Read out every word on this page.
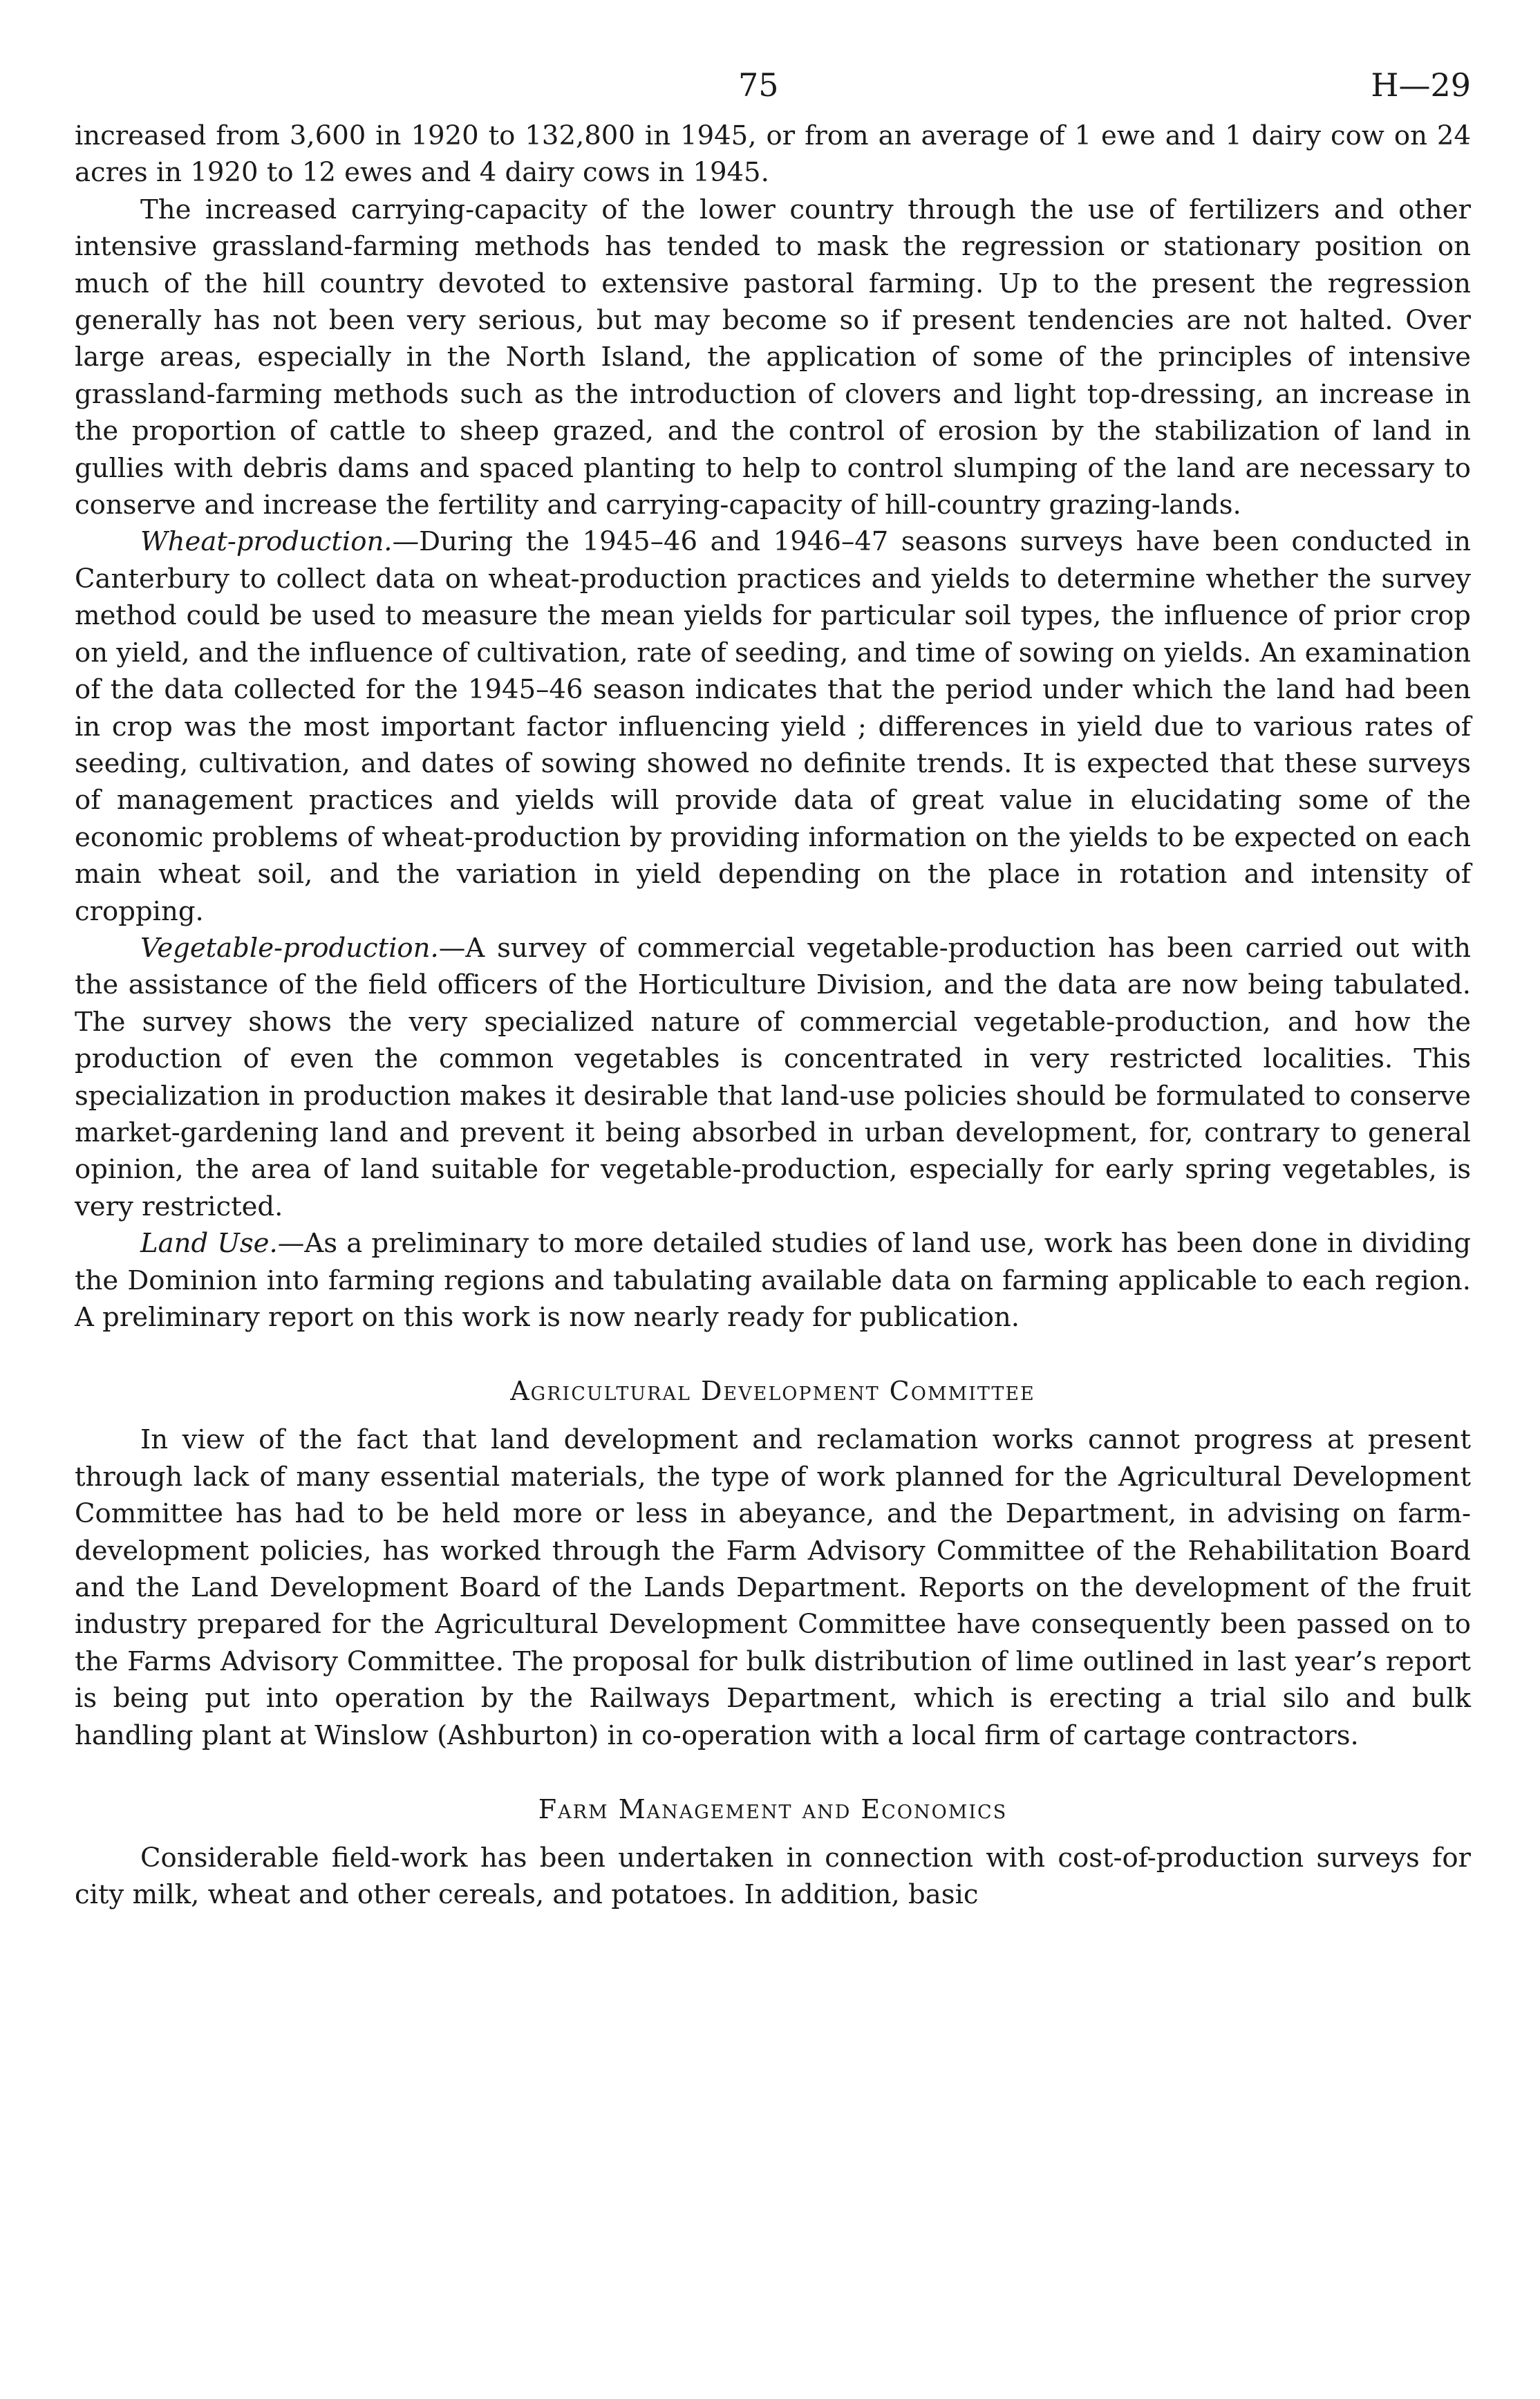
75	H—29

increased from 3,600 in 1920 to 132,800 in 1945, or from an average of 1 ewe and 1 dairy cow on 24 acres in 1920 to 12 ewes and 4 dairy cows in 1945.

The increased carrying-capacity of the lower country through the use of fertilizers and other intensive grassland-farming methods has tended to mask the regression or stationary position on much of the hill country devoted to extensive pastoral farming. Up to the present the regression generally has not been very serious, but may become so if present tendencies are not halted. Over large areas, especially in the North Island, the application of some of the principles of intensive grassland-farming methods such as the introduction of clovers and light top-dressing, an increase in the proportion of cattle to sheep grazed, and the control of erosion by the stabilization of land in gullies with debris dams and spaced planting to help to control slumping of the land are necessary to conserve and increase the fertility and carrying-capacity of hill-country grazing-lands.

Wheat-production.—During the 1945–46 and 1946–47 seasons surveys have been conducted in Canterbury to collect data on wheat-production practices and yields to determine whether the survey method could be used to measure the mean yields for particular soil types, the influence of prior crop on yield, and the influence of cultivation, rate of seeding, and time of sowing on yields. An examination of the data collected for the 1945–46 season indicates that the period under which the land had been in crop was the most important factor influencing yield ; differences in yield due to various rates of seeding, cultivation, and dates of sowing showed no definite trends. It is expected that these surveys of management practices and yields will provide data of great value in elucidating some of the economic problems of wheat-production by providing information on the yields to be expected on each main wheat soil, and the variation in yield depending on the place in rotation and intensity of cropping.

Vegetable-production.—A survey of commercial vegetable-production has been carried out with the assistance of the field officers of the Horticulture Division, and the data are now being tabulated. The survey shows the very specialized nature of commercial vegetable-production, and how the production of even the common vegetables is concentrated in very restricted localities. This specialization in production makes it desirable that land-use policies should be formulated to conserve market-gardening land and prevent it being absorbed in urban development, for, contrary to general opinion, the area of land suitable for vegetable-production, especially for early spring vegetables, is very restricted.

Land Use.—As a preliminary to more detailed studies of land use, work has been done in dividing the Dominion into farming regions and tabulating available data on farming applicable to each region. A preliminary report on this work is now nearly ready for publication.

Agricultural Development Committee

In view of the fact that land development and reclamation works cannot progress at present through lack of many essential materials, the type of work planned for the Agricultural Development Committee has had to be held more or less in abeyance, and the Department, in advising on farm-development policies, has worked through the Farm Advisory Committee of the Rehabilitation Board and the Land Development Board of the Lands Department. Reports on the development of the fruit industry prepared for the Agricultural Development Committee have consequently been passed on to the Farms Advisory Committee. The proposal for bulk distribution of lime outlined in last year’s report is being put into operation by the Railways Department, which is erecting a trial silo and bulk handling plant at Winslow (Ashburton) in co-operation with a local firm of cartage contractors.

Farm Management and Economics

Considerable field-work has been undertaken in connection with cost-of-production surveys for city milk, wheat and other cereals, and potatoes. In addition, basic
